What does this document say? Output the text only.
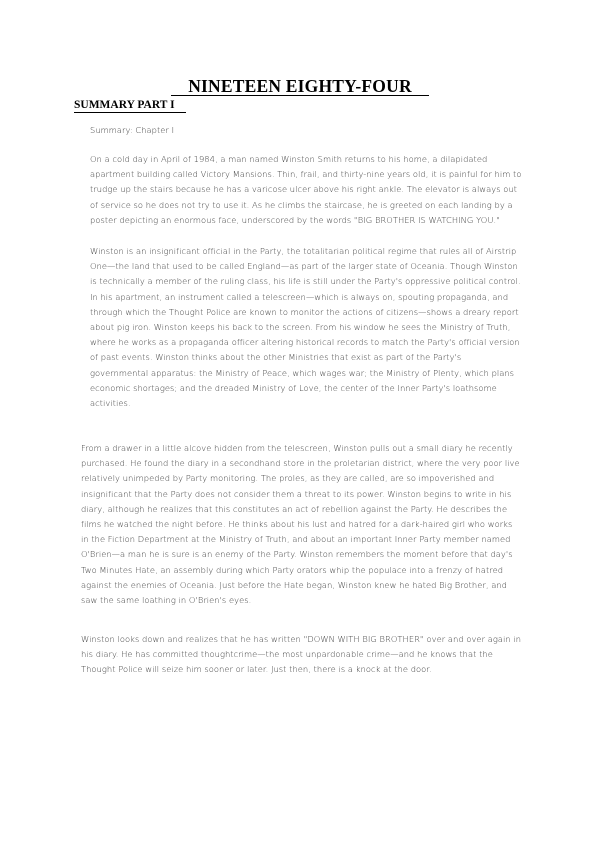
NINETEEN EIGHTY-FOUR
SUMMARY PART I

Summary: Chapter I

On a cold day in April of 1984, a man named Winston Smith returns to his home, a dilapidated apartment building called Victory Mansions. Thin, frail, and thirty-nine years old, it is painful for him to trudge up the stairs because he has a varicose ulcer above his right ankle. The elevator is always out of service so he does not try to use it. As he climbs the staircase, he is greeted on each landing by a poster depicting an enormous face, underscored by the words "BIG BROTHER IS WATCHING YOU."

Winston is an insignificant official in the Party, the totalitarian political regime that rules all of Airstrip One—the land that used to be called England—as part of the larger state of Oceania. Though Winston is technically a member of the ruling class, his life is still under the Party's oppressive political control. In his apartment, an instrument called a telescreen—which is always on, spouting propaganda, and through which the Thought Police are known to monitor the actions of citizens—shows a dreary report about pig iron. Winston keeps his back to the screen. From his window he sees the Ministry of Truth, where he works as a propaganda officer altering historical records to match the Party's official version of past events. Winston thinks about the other Ministries that exist as part of the Party's governmental apparatus: the Ministry of Peace, which wages war; the Ministry of Plenty, which plans economic shortages; and the dreaded Ministry of Love, the center of the Inner Party's loathsome activities.

From a drawer in a little alcove hidden from the telescreen, Winston pulls out a small diary he recently purchased. He found the diary in a secondhand store in the proletarian district, where the very poor live relatively unimpeded by Party monitoring. The proles, as they are called, are so impoverished and insignificant that the Party does not consider them a threat to its power. Winston begins to write in his diary, although he realizes that this constitutes an act of rebellion against the Party. He describes the films he watched the night before. He thinks about his lust and hatred for a dark-haired girl who works in the Fiction Department at the Ministry of Truth, and about an important Inner Party member named O'Brien—a man he is sure is an enemy of the Party. Winston remembers the moment before that day's Two Minutes Hate, an assembly during which Party orators whip the populace into a frenzy of hatred against the enemies of Oceania. Just before the Hate began, Winston knew he hated Big Brother, and saw the same loathing in O'Brien's eyes.

Winston looks down and realizes that he has written "DOWN WITH BIG BROTHER" over and over again in his diary. He has committed thoughtcrime—the most unpardonable crime—and he knows that the Thought Police will seize him sooner or later. Just then, there is a knock at the door.
